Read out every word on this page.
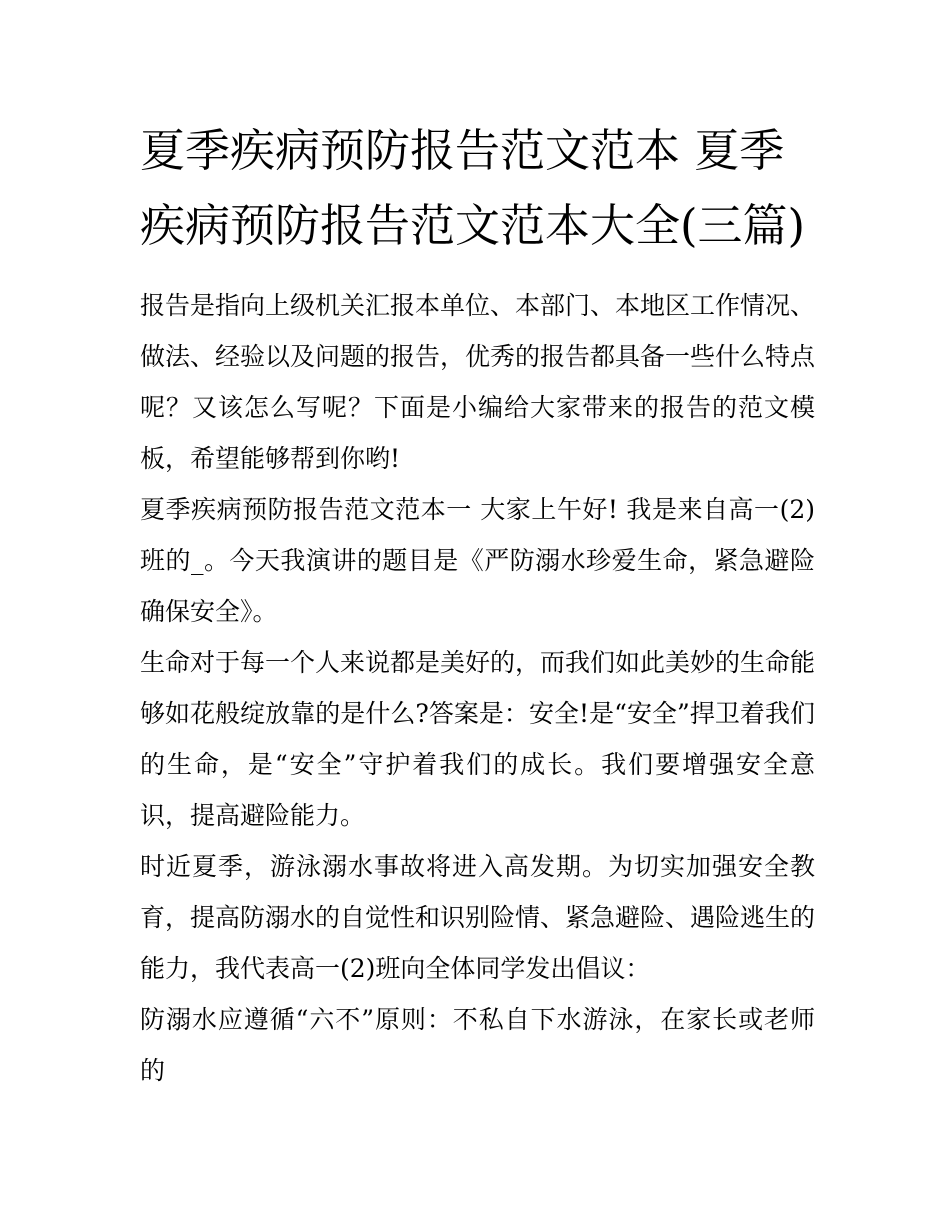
夏季疾病预防报告范文范本 夏季疾病预防报告范文范本大全(三篇)

报告是指向上级机关汇报本单位、本部门、本地区工作情况、做法、经验以及问题的报告，优秀的报告都具备一些什么特点呢？又该怎么写呢？下面是小编给大家带来的报告的范文模板，希望能够帮到你哟!

夏季疾病预防报告范文范本一 大家上午好! 我是来自高一(2)班的_。今天我演讲的题目是《严防溺水珍爱生命，紧急避险确保安全》。

生命对于每一个人来说都是美好的，而我们如此美妙的生命能够如花般绽放靠的是什么?答案是：安全!是“安全”捍卫着我们的生命，是“安全”守护着我们的成长。我们要增强安全意识，提高避险能力。

时近夏季，游泳溺水事故将进入高发期。为切实加强安全教育，提高防溺水的自觉性和识别险情、紧急避险、遇险逃生的能力，我代表高一(2)班向全体同学发出倡议：

防溺水应遵循“六不”原则：不私自下水游泳，在家长或老师的
